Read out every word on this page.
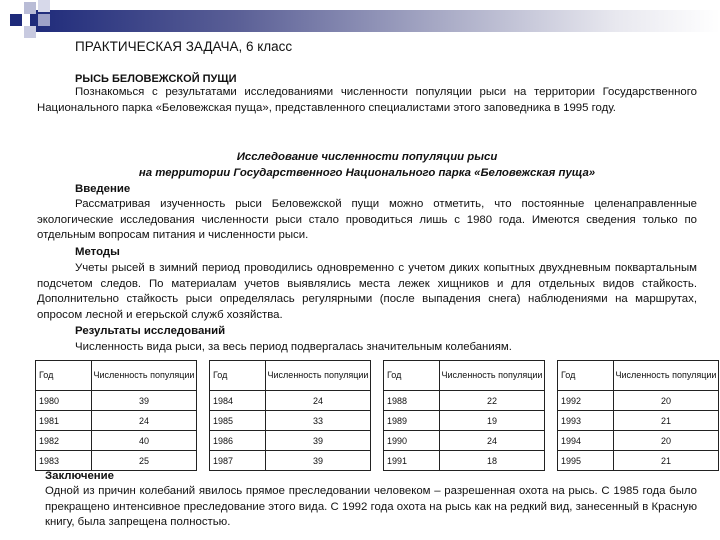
ПРАКТИЧЕСКАЯ ЗАДАЧА, 6 класс
РЫСЬ БЕЛОВЕЖСКОЙ ПУЩИ
Познакомься с результатами исследованиями численности популяции рыси на территории Государственного Национального парка «Беловежская пуща», представленного специалистами этого заповедника в 1995 году.
Исследование численности популяции рыси
на территории Государственного Национального парка «Беловежская пуща»
Введение
Рассматривая изученность рыси Беловежской пущи можно отметить, что постоянные целенаправленные экологические исследования численности рыси стало проводиться лишь с 1980 года. Имеются сведения только по отдельным вопросам питания и численности рыси.
Методы
Учеты рысей в зимний период проводились одновременно с учетом диких копытных двухдневным поквартальным подсчетом следов. По материалам учетов выявлялись места лежек хищников и для отдельных видов стайкость. Дополнительно стайкость рыси определялась регулярными (после выпадения снега) наблюдениями на маршрутах, опросом лесной и егерьской служб хозяйства.
Результаты исследований
Численность вида рыси, за весь период подвергалась значительным колебаниям.
Год	Численность популяции		Год	Численность популяции		Год	Численность популяции		Год	Численность популяции
1980	39		1984	24		1988	22		1992	20
1981	24		1985	33		1989	19		1993	21
1982	40		1986	39		1990	24		1994	20
1983	25		1987	39		1991	18		1995	21
Заключение
Одной из причин колебаний явилось прямое преследовании человеком – разрешенная охота на рысь. С 1985 года было прекращено интенсивное преследование этого вида. С 1992 года охота на рысь как на редкий вид, занесенный в Красную книгу, была запрещена полностью.
